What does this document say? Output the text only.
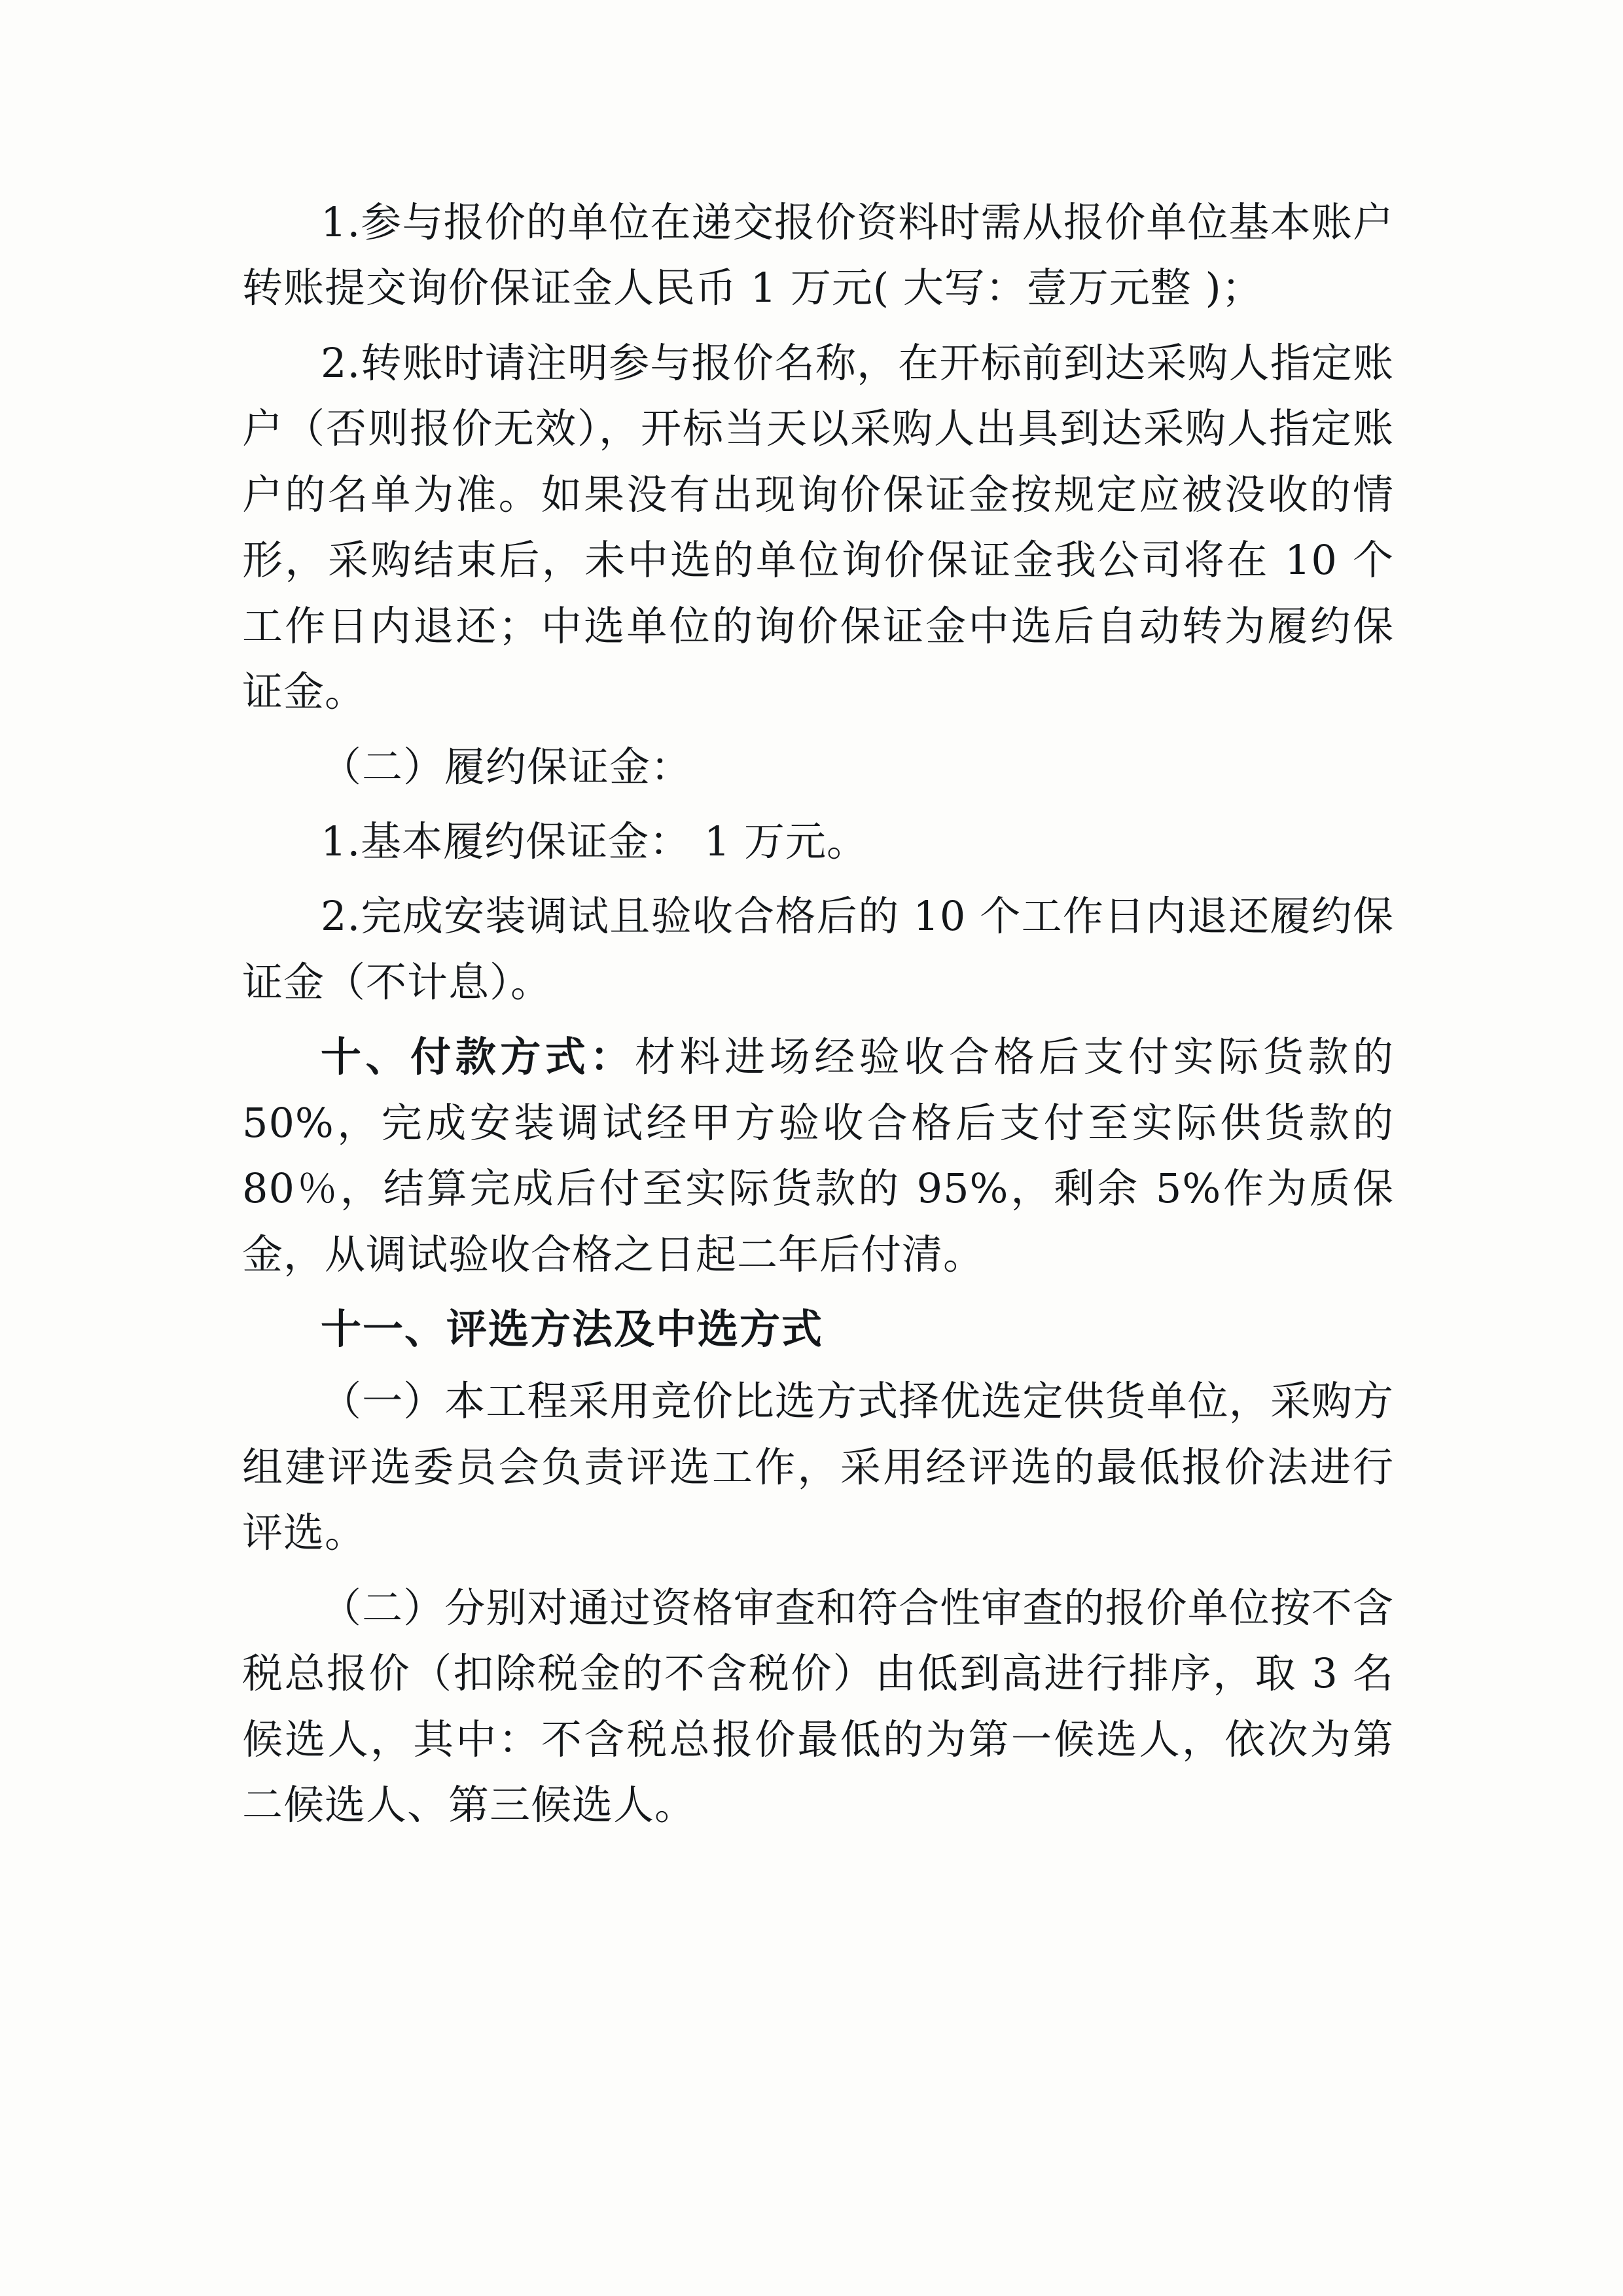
1.参与报价的单位在递交报价资料时需从报价单位基本账户转账提交询价保证金人民币 1 万元( 大写：壹万元整 )；

2.转账时请注明参与报价名称，在开标前到达采购人指定账户（否则报价无效），开标当天以采购人出具到达采购人指定账户的名单为准。如果没有出现询价保证金按规定应被没收的情形，采购结束后，未中选的单位询价保证金我公司将在 10 个工作日内退还；中选单位的询价保证金中选后自动转为履约保证金。

（二）履约保证金：

1.基本履约保证金： 1 万元。

2.完成安装调试且验收合格后的 10 个工作日内退还履约保证金（不计息）。

十、付款方式：材料进场经验收合格后支付实际货款的 50%，完成安装调试经甲方验收合格后支付至实际供货款的 80％，结算完成后付至实际货款的 95%，剩余 5%作为质保金，从调试验收合格之日起二年后付清。

十一、评选方法及中选方式

（一）本工程采用竞价比选方式择优选定供货单位，采购方组建评选委员会负责评选工作，采用经评选的最低报价法进行评选。

（二）分别对通过资格审查和符合性审查的报价单位按不含税总报价（扣除税金的不含税价）由低到高进行排序，取 3 名候选人，其中：不含税总报价最低的为第一候选人，依次为第二候选人、第三候选人。
